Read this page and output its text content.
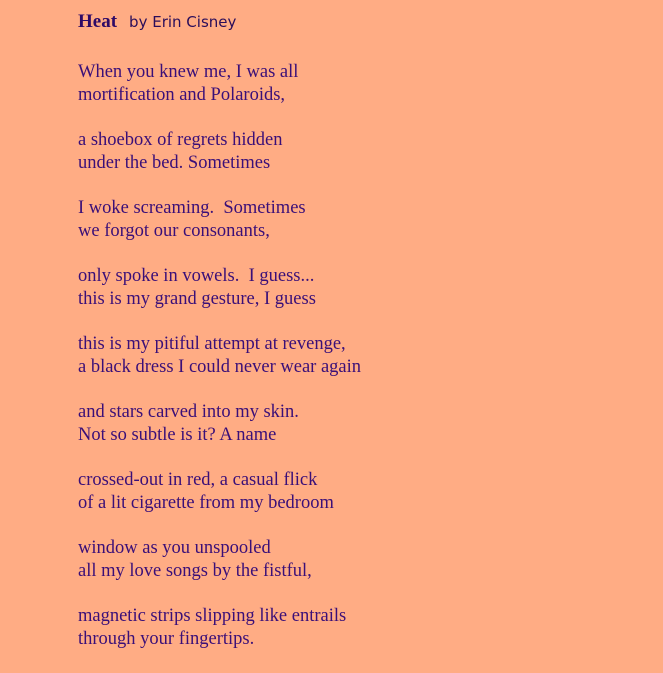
Heat by Erin Cisney
When you knew me, I was all
mortification and Polaroids,
a shoebox of regrets hidden
under the bed. Sometimes
I woke screaming.  Sometimes
we forgot our consonants,
only spoke in vowels.  I guess...
this is my grand gesture, I guess
this is my pitiful attempt at revenge,
a black dress I could never wear again
and stars carved into my skin.
Not so subtle is it? A name
crossed-out in red, a casual flick
of a lit cigarette from my bedroom
window as you unspooled
all my love songs by the fistful,
magnetic strips slipping like entrails
through your fingertips.
